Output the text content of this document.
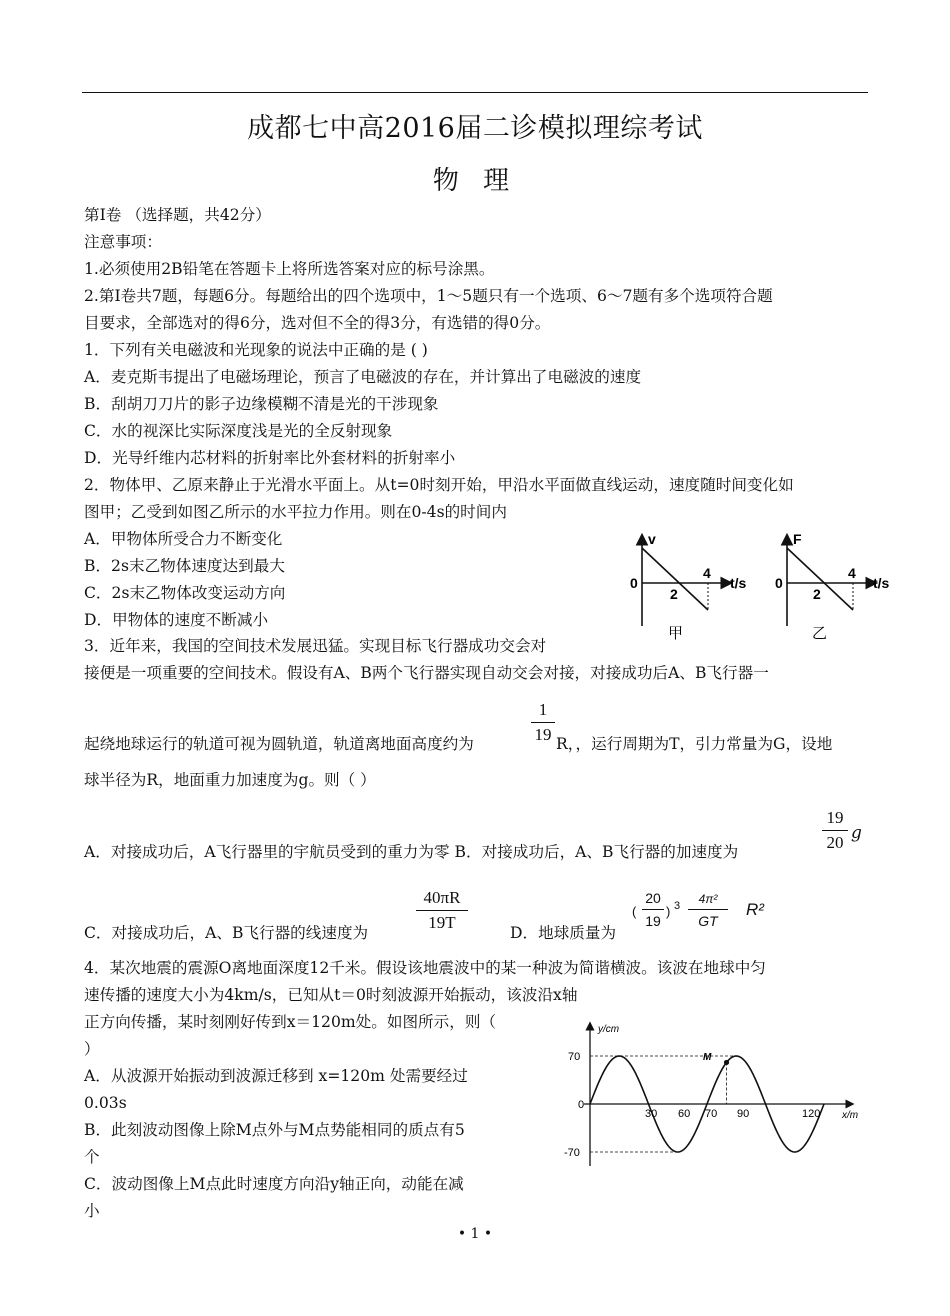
成都七中高2016届二诊模拟理综考试
物 理
第I卷 （选择题，共42分）
注意事项：
1.必须使用2B铅笔在答题卡上将所选答案对应的标号涂黑。
2.第I卷共7题，每题6分。每题给出的四个选项中，1～5题只有一个选项、6～7题有多个选项符合题
目要求，全部选对的得6分，选对但不全的得3分，有选错的得0分。
1．下列有关电磁波和光现象的说法中正确的是 ( )
A．麦克斯韦提出了电磁场理论，预言了电磁波的存在，并计算出了电磁波的速度
B．刮胡刀刀片的影子边缘模糊不清是光的干涉现象
C．水的视深比实际深度浅是光的全反射现象
D．光导纤维内芯材料的折射率比外套材料的折射率小
2．物体甲、乙原来静止于光滑水平面上。从t=0时刻开始，甲沿水平面做直线运动，速度随时间变化如
图甲；乙受到如图乙所示的水平拉力作用。则在0-4s的时间内
A．甲物体所受合力不断变化
B．2s末乙物体速度达到最大
C．2s末乙物体改变运动方向
D．甲物体的速度不断减小
v
0
2
4
t/s
甲
F
0
2
4
t/s
乙
3．近年来，我国的空间技术发展迅猛。实现目标飞行器成功交会对
接便是一项重要的空间技术。假设有A、B两个飞行器实现自动交会对接，对接成功后A、B飞行器一
起绕地球运行的轨道可视为圆轨道，轨道离地面高度约为
1
19 R，，运行周期为T，引力常量为G，设地
球半径为R，地面重力加速度为g。则（ ）
A．对接成功后，A飞行器里的宇航员受到的重力为零 B．对接成功后，A、B飞行器的加速度为
19
20 g
C．对接成功后，A、B飞行器的线速度为
40πR
19T
D．地球质量为
(
20
19
) 3	4π²
GT
R²
4．某次地震的震源O离地面深度12千米。假设该地震波中的某一种波为简谐横波。该波在地球中匀
速传播的速度大小为4km/s，已知从t＝0时刻波源开始振动，该波沿x轴
正方向传播，某时刻刚好传到x＝120m处。如图所示，则（
）
A．从波源开始振动到波源迁移到 x=120m 处需要经过
0.03s
B．此刻波动图像上除M点外与M点势能相同的质点有5
个
C．波动图像上M点此时速度方向沿y轴正向，动能在减
小
y/cm
x/m
70
0
-70
M
30 60 70 90	120
• 1 •
